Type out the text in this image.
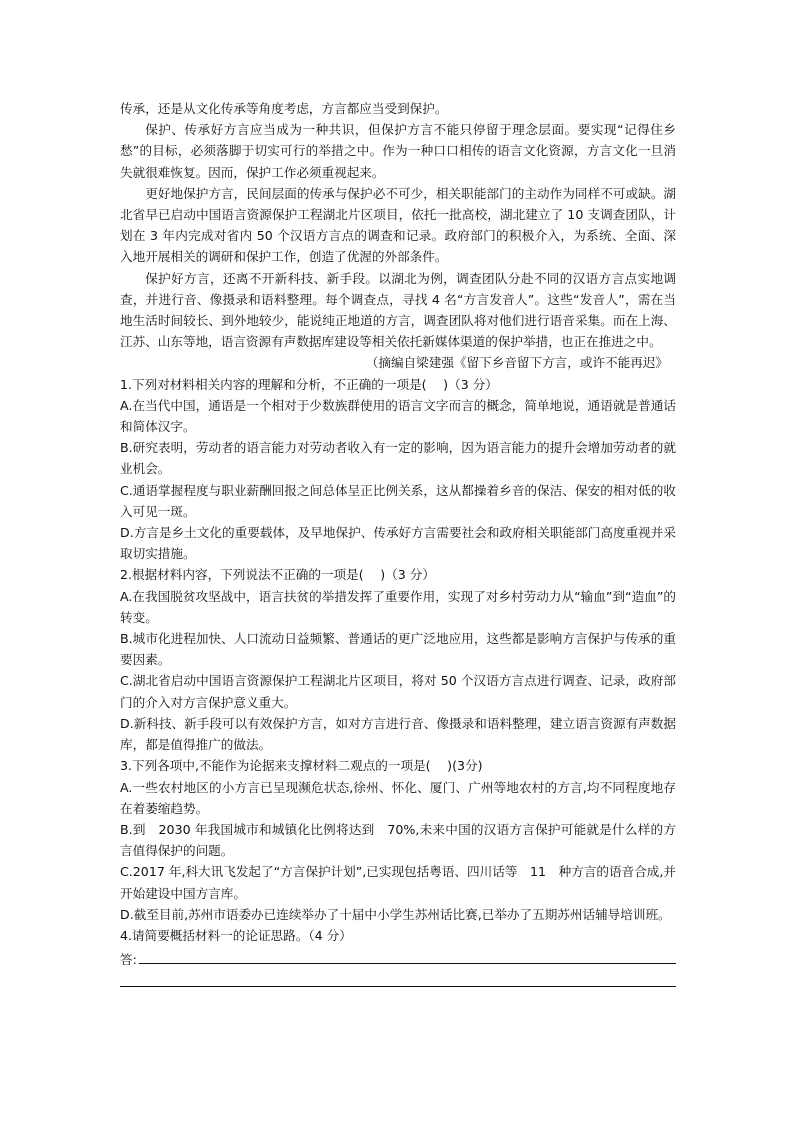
传承，还是从文化传承等角度考虑，方言都应当受到保护。

保护、传承好方言应当成为一种共识，但保护方言不能只停留于理念层面。要实现“记得住乡愁”的目标，必须落脚于切实可行的举措之中。作为一种口口相传的语言文化资源，方言文化一旦消失就很难恢复。因而，保护工作必须重视起来。

更好地保护方言，民间层面的传承与保护必不可少，相关职能部门的主动作为同样不可或缺。湖北省早已启动中国语言资源保护工程湖北片区项目，依托一批高校，湖北建立了 10 支调查团队，计划在 3 年内完成对省内 50 个汉语方言点的调查和记录。政府部门的积极介入，为系统、全面、深入地开展相关的调研和保护工作，创造了优渥的外部条件。

保护好方言，还离不开新科技、新手段。以湖北为例，调查团队分赴不同的汉语方言点实地调查，并进行音、像摄录和语料整理。每个调查点，寻找 4 名“方言发音人”。这些“发音人”，需在当地生活时间较长、到外地较少，能说纯正地道的方言，调查团队将对他们进行语音采集。而在上海、江苏、山东等地，语言资源有声数据库建设等相关依托新媒体渠道的保护举措，也正在推进之中。

（摘编自梁建强《留下乡音留下方言，或许不能再迟》

1.下列对材料相关内容的理解和分析，不正确的一项是(　 )（3 分）

A.在当代中国，通语是一个相对于少数族群使用的语言文字而言的概念，简单地说，通语就是普通话和简体汉字。

B.研究表明，劳动者的语言能力对劳动者收入有一定的影响，因为语言能力的提升会增加劳动者的就业机会。

C.通语掌握程度与职业薪酬回报之间总体呈正比例关系，这从都操着乡音的保洁、保安的相对低的收入可见一斑。

D.方言是乡土文化的重要载体，及早地保护、传承好方言需要社会和政府相关职能部门高度重视并采取切实措施。

2.根据材料内容，下列说法不正确的一项是(　 )（3 分）

A.在我国脱贫攻坚战中，语言扶贫的举措发挥了重要作用，实现了对乡村劳动力从“输血”到“造血”的转变。

B.城市化进程加快、人口流动日益频繁、普通话的更广泛地应用，这些都是影响方言保护与传承的重要因素。

C.湖北省启动中国语言资源保护工程湖北片区项目，将对 50 个汉语方言点进行调查、记录，政府部门的介入对方言保护意义重大。

D.新科技、新手段可以有效保护方言，如对方言进行音、像摄录和语料整理，建立语言资源有声数据库，都是值得推广的做法。

3.下列各项中,不能作为论据来支撑材料二观点的一项是(　 )(3分)

A.一些农村地区的小方言已呈现濒危状态,徐州、怀化、厦门、广州等地农村的方言,均不同程度地存在着萎缩趋势。

B.到　2030 年我国城市和城镇化比例将达到　70%,未来中国的汉语方言保护可能就是什么样的方言值得保护的问题。

C.2017 年,科大讯飞发起了“方言保护计划”,已实现包括粤语、四川话等　11　种方言的语音合成,并开始建设中国方言库。

D.截至目前,苏州市语委办已连续举办了十届中小学生苏州话比赛,已举办了五期苏州话辅导培训班。

4.请简要概括材料一的论证思路。（4 分）

答:
